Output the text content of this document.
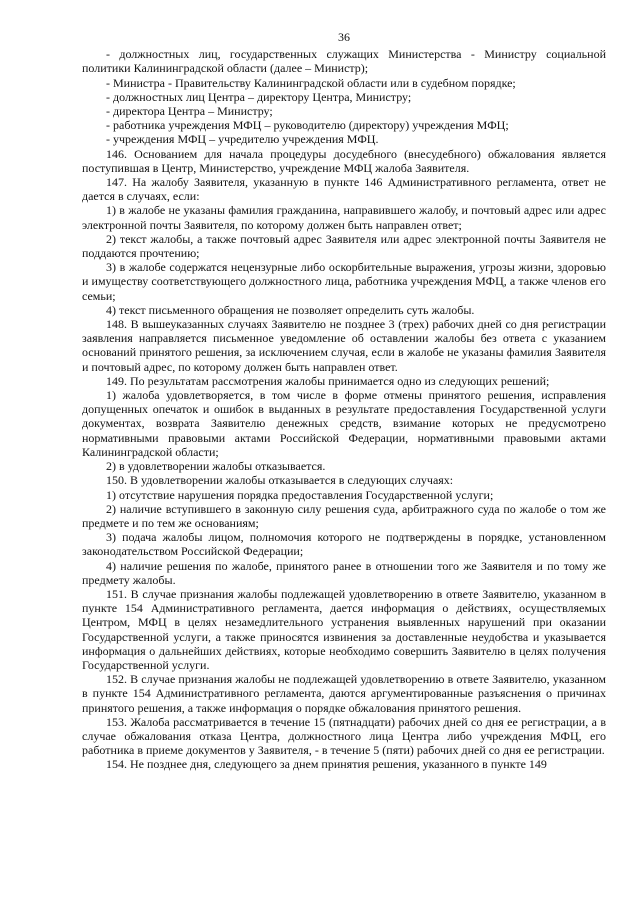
36

- должностных лиц, государственных служащих Министерства - Министру социальной политики Калининградской области (далее – Министр);

- Министра - Правительству Калининградской области или в судебном порядке;

- должностных лиц Центра – директору Центра, Министру;

- директора Центра – Министру;

- работника учреждения МФЦ – руководителю (директору) учреждения МФЦ;

- учреждения МФЦ – учредителю учреждения МФЦ.

146. Основанием для начала процедуры досудебного (внесудебного) обжалования является поступившая в Центр, Министерство, учреждение МФЦ жалоба Заявителя.

147. На жалобу Заявителя, указанную в пункте 146 Административного регламента, ответ не дается в случаях, если:

1) в жалобе не указаны фамилия гражданина, направившего жалобу, и почтовый адрес или адрес электронной почты Заявителя, по которому должен быть направлен ответ;

2) текст жалобы, а также почтовый адрес Заявителя или адрес электронной почты Заявителя не поддаются прочтению;

3) в жалобе содержатся нецензурные либо оскорбительные выражения, угрозы жизни, здоровью и имуществу соответствующего должностного лица, работника учреждения МФЦ, а также членов его семьи;

4) текст письменного обращения не позволяет определить суть жалобы.

148. В вышеуказанных случаях Заявителю не позднее 3 (трех) рабочих дней со дня регистрации заявления направляется письменное уведомление об оставлении жалобы без ответа с указанием оснований принятого решения, за исключением случая, если в жалобе не указаны фамилия Заявителя и почтовый адрес, по которому должен быть направлен ответ.

149. По результатам рассмотрения жалобы принимается одно из следующих решений;

1) жалоба удовлетворяется, в том числе в форме отмены принятого решения, исправления допущенных опечаток и ошибок в выданных в результате предоставления Государственной услуги документах, возврата Заявителю денежных средств, взимание которых не предусмотрено нормативными правовыми актами Российской Федерации, нормативными правовыми актами Калининградской области;

2) в удовлетворении жалобы отказывается.

150. В удовлетворении жалобы отказывается в следующих случаях:

1) отсутствие нарушения порядка предоставления Государственной услуги;

2) наличие вступившего в законную силу решения суда, арбитражного суда по жалобе о том же предмете и по тем же основаниям;

3) подача жалобы лицом, полномочия которого не подтверждены в порядке, установленном законодательством Российской Федерации;

4) наличие решения по жалобе, принятого ранее в отношении того же Заявителя и по тому же предмету жалобы.

151. В случае признания жалобы подлежащей удовлетворению в ответе Заявителю, указанном в пункте 154 Административного регламента, дается информация о действиях, осуществляемых Центром, МФЦ в целях незамедлительного устранения выявленных нарушений при оказании Государственной услуги, а также приносятся извинения за доставленные неудобства и указывается информация о дальнейших действиях, которые необходимо совершить Заявителю в целях получения Государственной услуги.

152. В случае признания жалобы не подлежащей удовлетворению в ответе Заявителю, указанном в пункте 154 Административного регламента, даются аргументированные разъяснения о причинах принятого решения, а также информация о порядке обжалования принятого решения.

153. Жалоба рассматривается в течение 15 (пятнадцати) рабочих дней со дня ее регистрации, а в случае обжалования отказа Центра, должностного лица Центра либо учреждения МФЦ, его работника в приеме документов у Заявителя, - в течение 5 (пяти) рабочих дней со дня ее регистрации.

154. Не позднее дня, следующего за днем принятия решения, указанного в пункте 149
